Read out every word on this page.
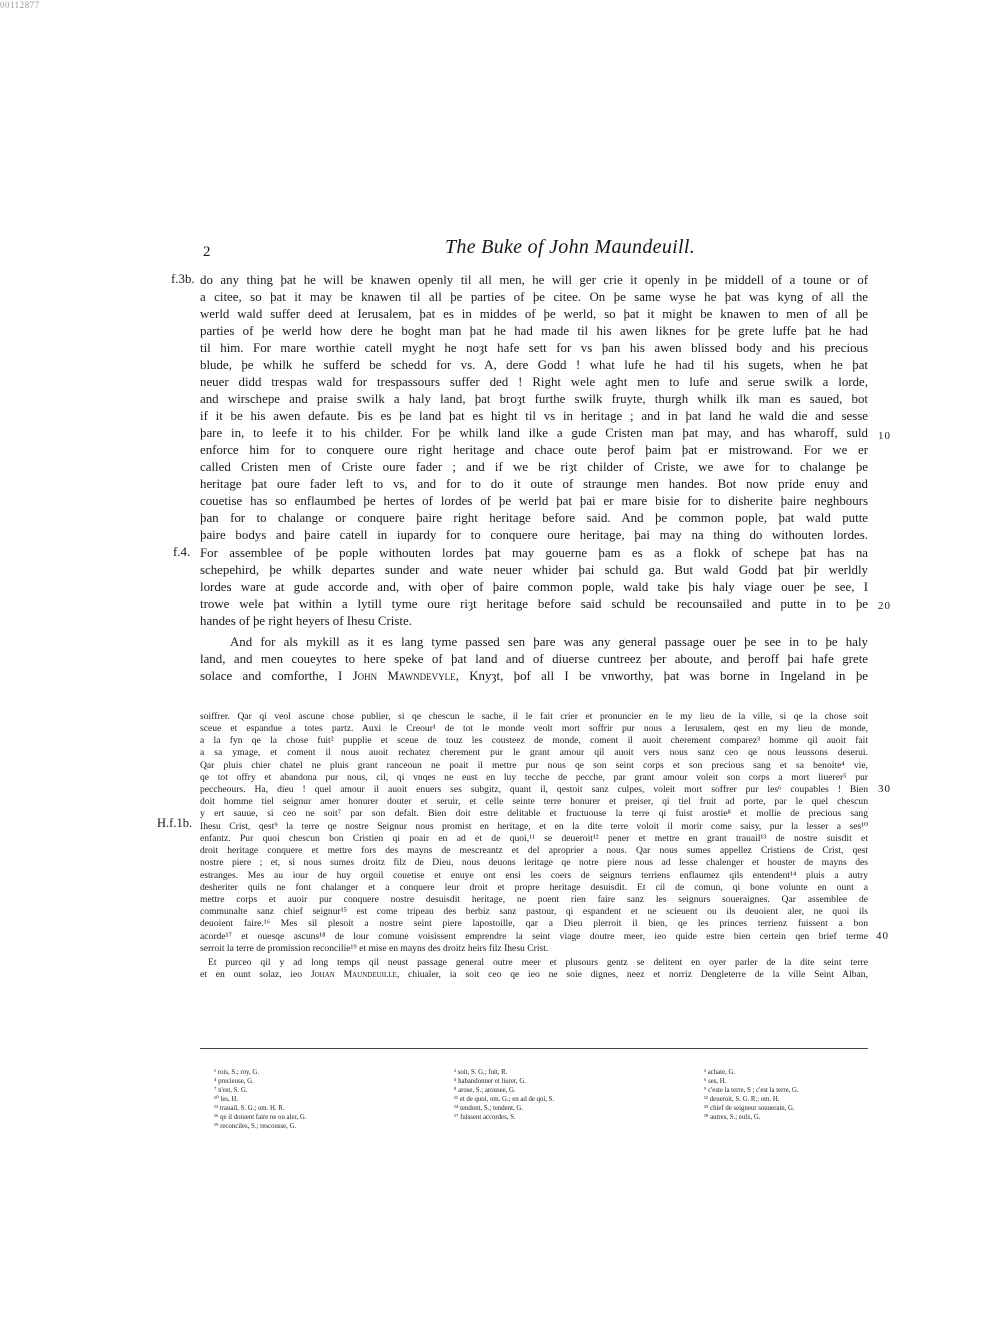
00112877
2	The Buke of John Maundeuill.
f.3b.
f.4.
10
20
do any thing þat he will be knawen openly til all men, he will ger crie it openly in þe middell of a toune or of
a citee, so þat it may be knawen til all þe parties of þe citee. On þe same wyse he þat was kyng of all the
werld wald suffer deed at Ierusalem, þat es in middes of þe werld, so þat it might be knawen to men of all þe
parties of þe werld how dere he boght man þat he had made til his awen liknes for þe grete luffe þat he had
til him. For mare worthie catell myght he noȝt hafe sett for vs þan his awen blissed body and his precious
blude, þe whilk he sufferd be schedd for vs. A, dere Godd ! what lufe he had til his sugets, when he þat
neuer didd trespas wald for trespassours suffer ded ! Right wele aght men to lufe and serue swilk a lorde,
and wirschepe and praise swilk a haly land, þat broȝt furthe swilk fruyte, thurgh whilk ilk man es saued, bot
if it be his awen defaute. Þis es þe land þat es hight til vs in heritage ; and in þat land he wald die and sesse
þare in, to leefe it to his childer. For þe whilk land ilke a gude Cristen man þat may, and has wharoff, suld
enforce him for to conquere oure right heritage and chace oute þerof þaim þat er mistrowand. For we er
called Cristen men of Criste oure fader ; and if we be riȝt childer of Criste, we awe for to chalange þe
heritage þat oure fader left to vs, and for to do it oute of straunge men handes. Bot now pride enuy and
couetise has so enflaumbed þe hertes of lordes of þe werld þat þai er mare bisie for to disherite þaire neghbours
þan for to chalange or conquere þaire right heritage before said. And þe common pople, þat wald putte
þaire bodys and þaire catell in iupardy for to conquere oure heritage, þai may na thing do withouten lordes.
For assemblee of þe pople withouten lordes þat may gouerne þam es as a flokk of schepe þat has na
schepehird, þe whilk departes sunder and wate neuer whider þai schuld ga. But wald Godd þat þir werldly
lordes ware at gude accorde and, with oþer of þaire common pople, wald take þis haly viage ouer þe see, I
trowe wele þat within a lytill tyme oure riȝt heritage before said schuld be recounsailed and putte in to þe
handes of þe right heyers of Ihesu Criste.
And for als mykill as it es lang tyme passed sen þare was any general passage ouer þe see in to þe haly
land, and men coueytes to here speke of þat land and of diuerse cuntreez þer aboute, and þeroff þai hafe grete
solace and comforthe, I John Mawndevyle, Knyȝt, þof all I be vnworthy, þat was borne in Ingeland in þe
H.f.1b.
30
40
soiffrer. Qar qi veol ascune chose publier, si qe chescun le sache, il le fait crier et pronuncier en le my lieu de la ville, si qe la chose soit
sceue et espandue a totes partz. Auxi le Creour¹ de tot le monde veolt mort soffrir pur nous a Ierusalem, qest en my lieu de monde,
a la fyn qe la chose fuit² pupplie et sceue de touz les cousteez de monde, coment il auoit cherement comparez³ homme qil auoit fait
a sa ymage, et coment il nous auoit rechatez cherement pur le grant amour qil auoit vers nous sanz ceo qe nous leussons deserui.
Qar pluis chier chatel ne pluis grant ranceoun ne poait il mettre pur nous qe son seint corps et son precious sang et sa benoite⁴ vie,
qe tot offry et abandona pur nous, cil, qi vnqes ne eust en luy tecche de pecche, par grant amour voleit son corps a mort liuerer⁵ pur
peccheours. Ha, dieu ! quel amour il auoit enuers ses subgitz, quant il, qestoit sanz culpes, voleit mort soffrer pur les⁶ coupables ! Bien
doit homme tiel seignur amer honurer douter et seruir, et celle seinte terre honurer et preiser, qi tiel fruit ad porte, par le quel chescun
y ert sauue, si ceo ne soit⁷ par son defalt. Bien doit estre delitable et fructuouse la terre qi fuist arostie⁸ et mollie de precious sang
Ihesu Crist, qest⁹ la terre qe nostre Seignur nous promist en heritage, et en la dite terre voloit il morir come saisy, pur la lesser a ses¹⁰
enfantz. Pur quoi chescun bon Cristien qi poair en ad et de quoi,¹¹ se deueroit¹² pener et mettre en grant trauail¹³ de nostre suisdit et
droit heritage conquere et mettre fors des mayns de mescreantz et del aproprier a nous. Qar nous sumes appellez Cristiens de Crist, qest
nostre piere ; et, si nous sumes droitz filz de Dieu, nous deuons leritage qe notre piere nous ad lesse chalenger et houster de mayns des
estranges. Mes au iour de huy orgoil couetise et enuye ont ensi les coers de seignurs terriens enflaumez qils entendent¹⁴ pluis a autry
desheriter quils ne font chalanger et a conquere leur droit et propre heritage desuisdit. Et cil de comun, qi bone volunte en ount a
mettre corps et auoir pur conquere nostre desuisdit heritage, ne poent rien faire sanz les seignurs soueraignes. Qar assemblee de
communalte sanz chief seignur¹⁵ est come tripeau des berbiz sanz pastour, qi espandent et ne scieuent ou ils deuoient aler, ne quoi ils
deuoient faire.¹⁶ Mes sil plesoit a nostre seint piere lapostoille, qar a Dieu plerroit il bien, qe les princes terrienz fuissent a bon
acorde¹⁷ et ouesqe ascuns¹⁸ de lour comune voisissent emprendre la seint viage doutre meer, ieo quide estre bien certein qen brief terme
serroit la terre de promission reconcilie¹⁹ et mise en mayns des droitz heirs filz Ihesu Crist.
Et purceo qil y ad long temps qil neust passage general outre meer et plusours gentz se delitent en oyer parler de la dite seint terre
et en ount solaz, ieo Johan Maundeuille, chiualer, ia soit ceo qe ieo ne soie dignes, neez et norriz Dengleterre de la ville Seint Alban,
¹ rois, S.; roy, G.
⁴ precieuse, G.
⁷ n'est, S. G.
¹⁰ les, H.
¹³ trauail, S. G.; om. H. R.
¹⁶ qe il doiuent faire ne ou aler, G.
¹⁹ reconciles, S.; rescousse, G.
² soit, S. G.; fuit, R.
⁵ habandonner et liurer, G.
⁸ arose, S.; arousee, G.
¹¹ et de quoi, om. G.; en ad de qoi, S.
¹⁴ tendont, S.; tendent, G.
¹⁷ fuissent accordes, S.
³ achate, G.
⁶ ses, H.
⁹ c'este la terre, S ; c'est la terre, G.
¹² deueroit, S. G. R.; om. H.
¹⁵ chief de seigneur souuerain, G.
¹⁸ autres, S.; eulx, G.
